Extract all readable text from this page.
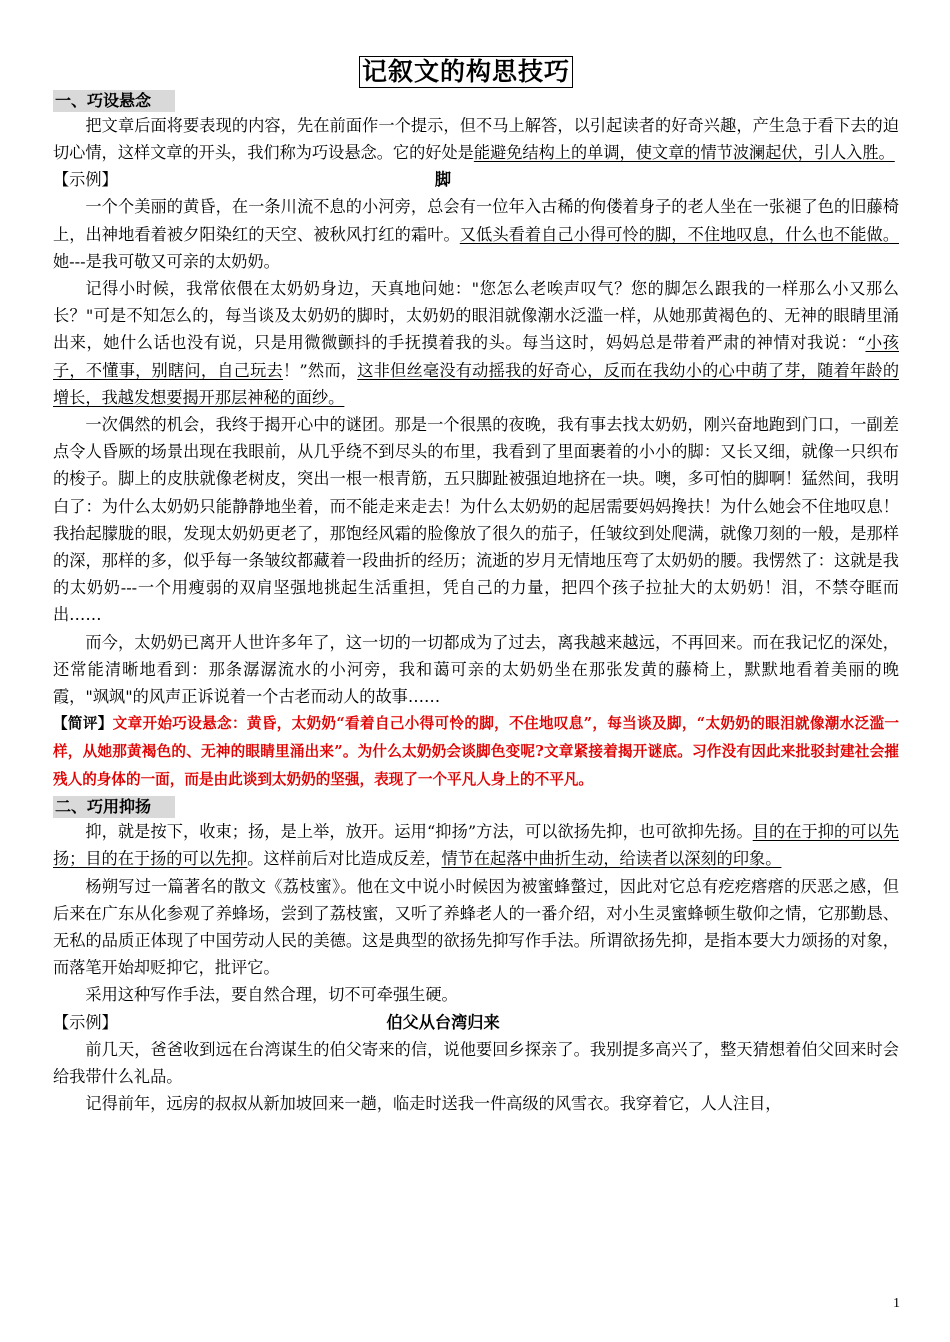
记叙文的构思技巧
一、巧设悬念

把文章后面将要表现的内容，先在前面作一个提示，但不马上解答，以引起读者的好奇兴趣，产生急于看下去的迫切心情，这样文章的开头，我们称为巧设悬念。它的好处是能避免结构上的单调，使文章的情节波澜起伏，引人入胜。

【示例】	脚

一个个美丽的黄昏，在一条川流不息的小河旁，总会有一位年入古稀的佝偻着身子的老人坐在一张褪了色的旧藤椅上，出神地看着被夕阳染红的天空、被秋风打红的霜叶。又低头看着自己小得可怜的脚，不住地叹息，什么也不能做。她---是我可敬又可亲的太奶奶。

记得小时候，我常依偎在太奶奶身边，天真地问她："您怎么老唉声叹气？您的脚怎么跟我的一样那么小又那么长？"可是不知怎么的，每当谈及太奶奶的脚时，太奶奶的眼泪就像潮水泛滥一样，从她那黄褐色的、无神的眼睛里涌出来，她什么话也没有说，只是用微微颤抖的手抚摸着我的头。每当这时，妈妈总是带着严肃的神情对我说：“小孩子，不懂事，别瞎问，自己玩去！”然而，这非但丝毫没有动摇我的好奇心，反而在我幼小的心中萌了芽，随着年龄的增长，我越发想要揭开那层神秘的面纱。

一次偶然的机会，我终于揭开心中的谜团。那是一个很黑的夜晚，我有事去找太奶奶，刚兴奋地跑到门口，一副差点令人昏厥的场景出现在我眼前，从几乎绕不到尽头的布里，我看到了里面裹着的小小的脚：又长又细，就像一只织布的梭子。脚上的皮肤就像老树皮，突出一根一根青筋，五只脚趾被强迫地挤在一块。噢，多可怕的脚啊！猛然间，我明白了：为什么太奶奶只能静静地坐着，而不能走来走去！为什么太奶奶的起居需要妈妈搀扶！为什么她会不住地叹息！我抬起朦胧的眼，发现太奶奶更老了，那饱经风霜的脸像放了很久的茄子，任皱纹到处爬满，就像刀刻的一般，是那样的深，那样的多，似乎每一条皱纹都藏着一段曲折的经历；流逝的岁月无情地压弯了太奶奶的腰。我愣然了：这就是我的太奶奶---一个用瘦弱的双肩坚强地挑起生活重担，凭自己的力量，把四个孩子拉扯大的太奶奶！泪，不禁夺眶而出……

而今，太奶奶已离开人世许多年了，这一切的一切都成为了过去，离我越来越远，不再回来。而在我记忆的深处，还常能清晰地看到：那条潺潺流水的小河旁，我和蔼可亲的太奶奶坐在那张发黄的藤椅上，默默地看着美丽的晚霞，"飒飒"的风声正诉说着一个古老而动人的故事……

【简评】文章开始巧设悬念：黄昏，太奶奶“看着自己小得可怜的脚，不住地叹息”，每当谈及脚，“太奶奶的眼泪就像潮水泛滥一样，从她那黄褐色的、无神的眼睛里涌出来”。为什么太奶奶会谈脚色变呢?文章紧接着揭开谜底。习作没有因此来批驳封建社会摧残人的身体的一面，而是由此谈到太奶奶的坚强，表现了一个平凡人身上的不平凡。
二、巧用抑扬

抑，就是按下，收束；扬，是上举，放开。运用“抑扬”方法，可以欲扬先抑，也可欲抑先扬。目的在于抑的可以先扬；目的在于扬的可以先抑。这样前后对比造成反差，情节在起落中曲折生动，给读者以深刻的印象。

杨朔写过一篇著名的散文《荔枝蜜》。他在文中说小时候因为被蜜蜂螫过，因此对它总有疙疙瘩瘩的厌恶之感，但后来在广东从化参观了养蜂场，尝到了荔枝蜜，又听了养蜂老人的一番介绍，对小生灵蜜蜂顿生敬仰之情，它那勤恳、无私的品质正体现了中国劳动人民的美德。这是典型的欲扬先抑写作手法。所谓欲扬先抑，是指本要大力颂扬的对象，而落笔开始却贬抑它，批评它。

采用这种写作手法，要自然合理，切不可牵强生硬。

【示例】	伯父从台湾归来

前几天，爸爸收到远在台湾谋生的伯父寄来的信，说他要回乡探亲了。我别提多高兴了，整天猜想着伯父回来时会给我带什么礼品。

记得前年，远房的叔叔从新加坡回来一趟，临走时送我一件高级的风雪衣。我穿着它，人人注目，

1
